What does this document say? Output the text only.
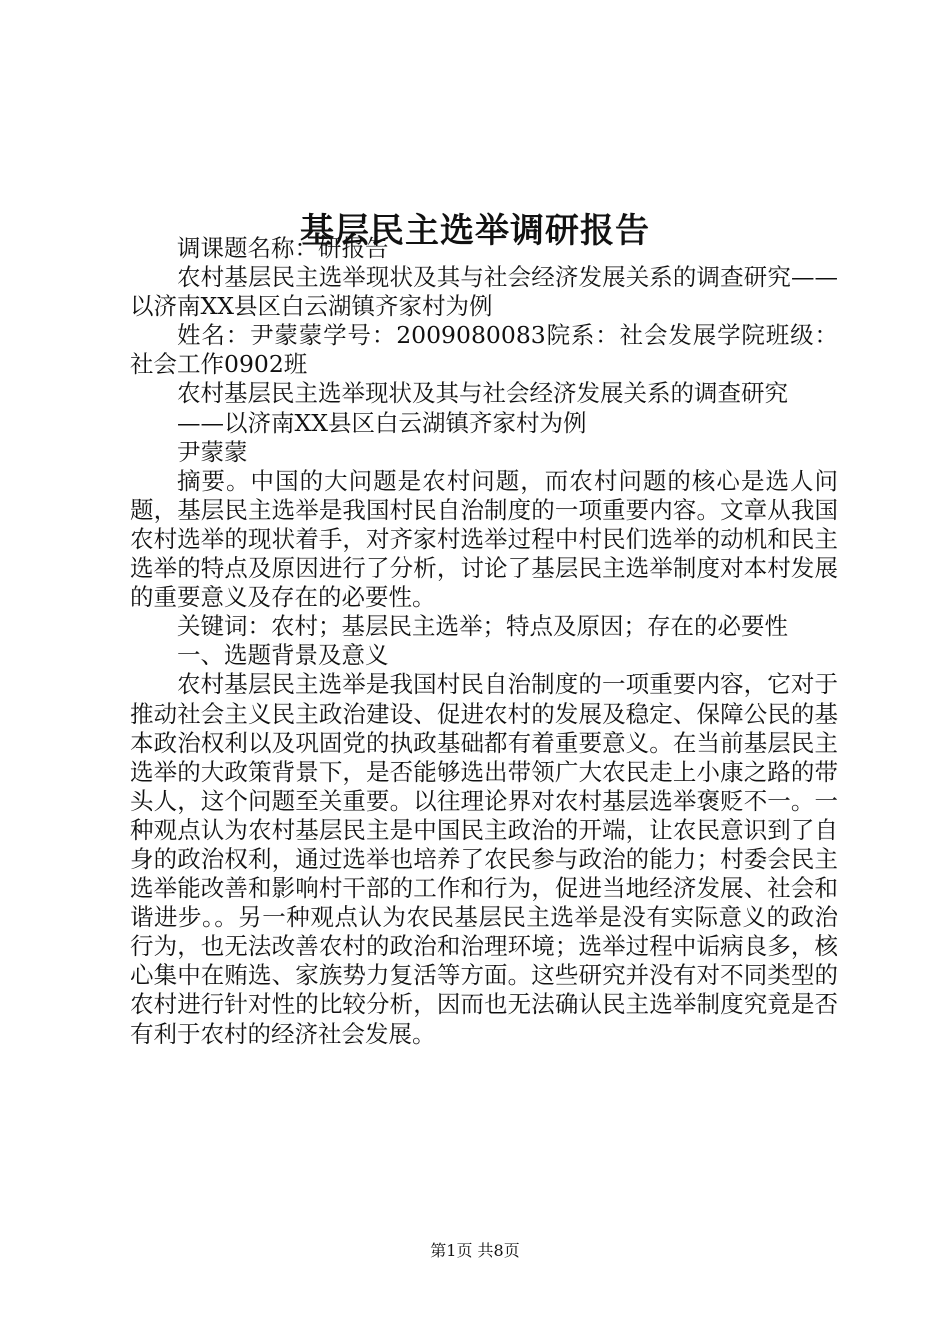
基层民主选举调研报告

调课题名称：研报告

农村基层民主选举现状及其与社会经济发展关系的调查研究——以济南XX县区白云湖镇齐家村为例

姓名：尹蒙蒙学号：2009080083院系：社会发展学院班级：社会工作0902班

农村基层民主选举现状及其与社会经济发展关系的调查研究

——以济南XX县区白云湖镇齐家村为例

尹蒙蒙

摘要。中国的大问题是农村问题，而农村问题的核心是选人问题，基层民主选举是我国村民自治制度的一项重要内容。文章从我国农村选举的现状着手，对齐家村选举过程中村民们选举的动机和民主选举的特点及原因进行了分析，讨论了基层民主选举制度对本村发展的重要意义及存在的必要性。

关键词：农村；基层民主选举；特点及原因；存在的必要性

一、选题背景及意义

农村基层民主选举是我国村民自治制度的一项重要内容，它对于推动社会主义民主政治建设、促进农村的发展及稳定、保障公民的基本政治权利以及巩固党的执政基础都有着重要意义。在当前基层民主选举的大政策背景下，是否能够选出带领广大农民走上小康之路的带头人，这个问题至关重要。以往理论界对农村基层选举褒贬不一。一种观点认为农村基层民主是中国民主政治的开端，让农民意识到了自身的政治权利，通过选举也培养了农民参与政治的能力；村委会民主选举能改善和影响村干部的工作和行为，促进当地经济发展、社会和谐进步。。另一种观点认为农民基层民主选举是没有实际意义的政治行为，也无法改善农村的政治和治理环境；选举过程中诟病良多，核心集中在贿选、家族势力复活等方面。这些研究并没有对不同类型的农村进行针对性的比较分析，因而也无法确认民主选举制度究竟是否有利于农村的经济社会发展。

第1页 共8页
